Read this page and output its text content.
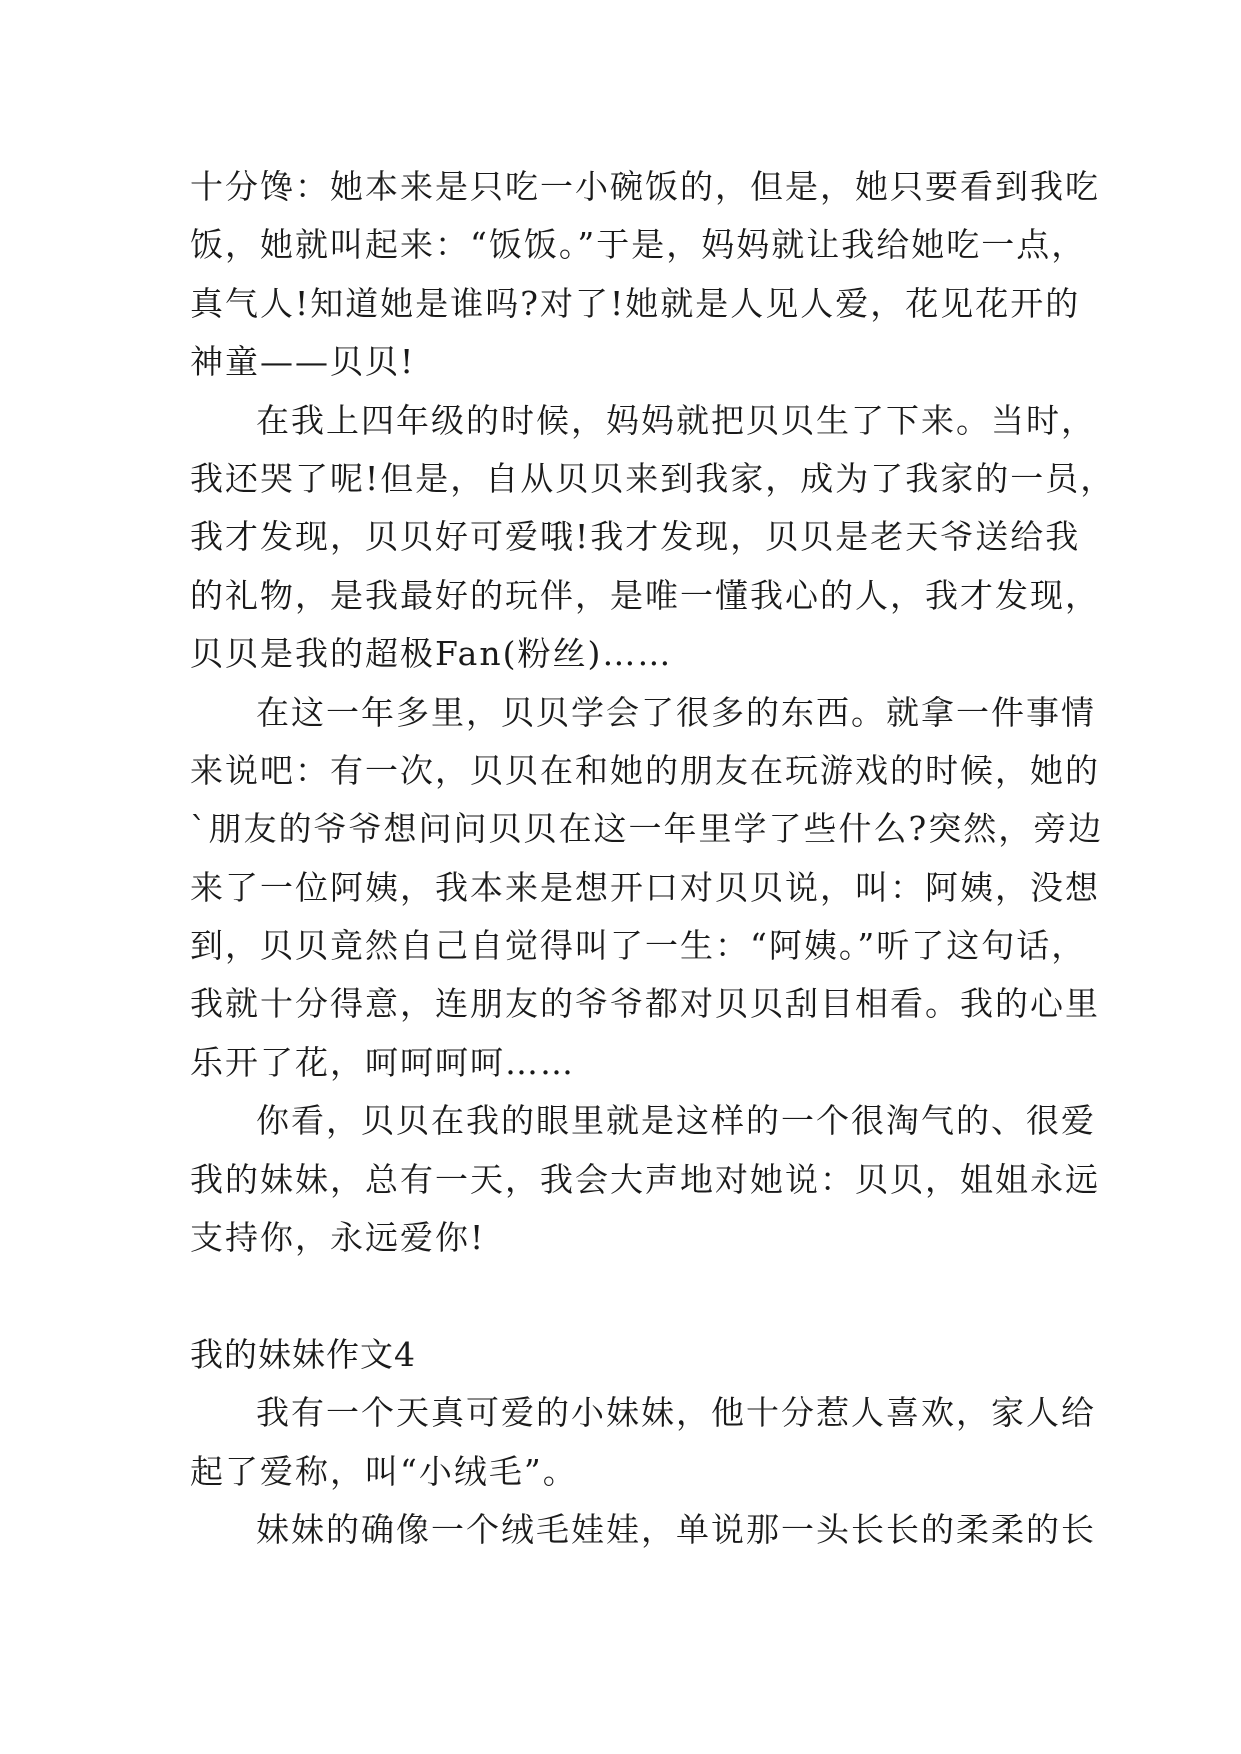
十分馋：她本来是只吃一小碗饭的，但是，她只要看到我吃
饭，她就叫起来：“饭饭。”于是，妈妈就让我给她吃一点，
真气人!知道她是谁吗?对了!她就是人见人爱，花见花开的
神童——贝贝!
在我上四年级的时候，妈妈就把贝贝生了下来。当时，
我还哭了呢!但是，自从贝贝来到我家，成为了我家的一员，
我才发现，贝贝好可爱哦!我才发现，贝贝是老天爷送给我
的礼物，是我最好的玩伴，是唯一懂我心的人，我才发现，
贝贝是我的超极Fan(粉丝)……
在这一年多里，贝贝学会了很多的东西。就拿一件事情
来说吧：有一次，贝贝在和她的朋友在玩游戏的时候，她的
`朋友的爷爷想问问贝贝在这一年里学了些什么?突然，旁边
来了一位阿姨，我本来是想开口对贝贝说，叫：阿姨，没想
到，贝贝竟然自己自觉得叫了一生：“阿姨。”听了这句话，
我就十分得意，连朋友的爷爷都对贝贝刮目相看。我的心里
乐开了花，呵呵呵呵……
你看，贝贝在我的眼里就是这样的一个很淘气的、很爱
我的妹妹，总有一天，我会大声地对她说：贝贝，姐姐永远
支持你，永远爱你!
我的妹妹作文4
我有一个天真可爱的小妹妹，他十分惹人喜欢，家人给
起了爱称，叫“小绒毛”。
妹妹的确像一个绒毛娃娃，单说那一头长长的柔柔的长
